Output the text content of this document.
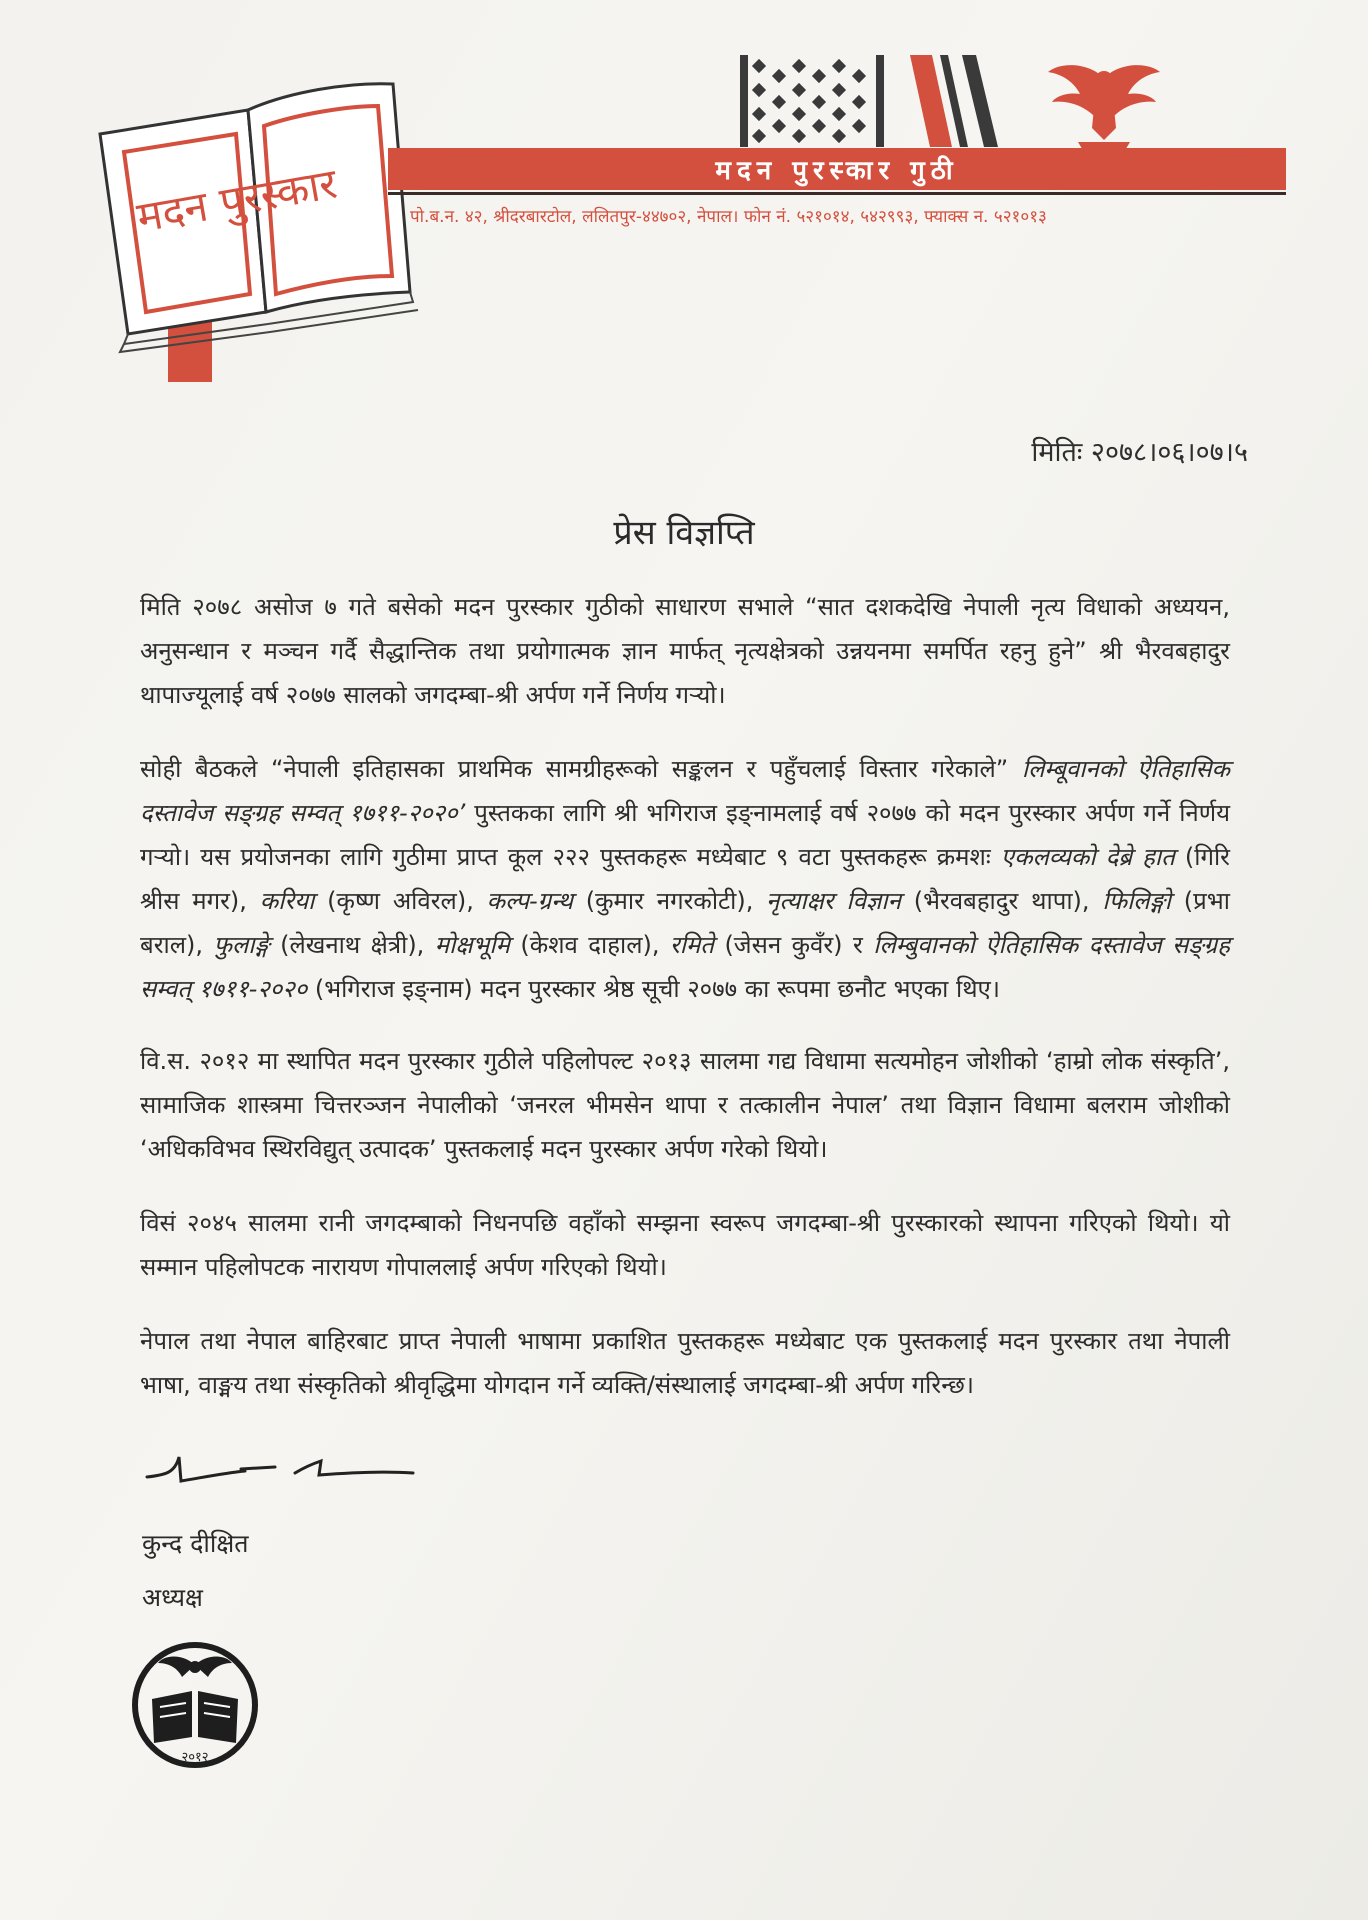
मदन पुरस्कार	मदन पुरस्कार गुठी
पो.ब.न. ४२, श्रीदरबारटोल, ललितपुर-४४७०२, नेपाल। फोन नं. ५२१०१४, ५४२९९३, फ्याक्स न. ५२१०१३
मितिः २०७८।०६।०७।५
प्रेस विज्ञप्ति

मिति २०७८ असोज ७ गते बसेको मदन पुरस्कार गुठीको साधारण सभाले “सात दशकदेखि नेपाली नृत्य विधाको अध्ययन, अनुसन्धान र मञ्चन गर्दै सैद्धान्तिक तथा प्रयोगात्मक ज्ञान मार्फत् नृत्यक्षेत्रको उन्नयनमा समर्पित रहनु हुने” श्री भैरवबहादुर थापाज्यूलाई वर्ष २०७७ सालको जगदम्बा-श्री अर्पण गर्ने निर्णय गर्‍यो।

सोही बैठकले “नेपाली इतिहासका प्राथमिक सामग्रीहरूको सङ्कलन र पहुँचलाई विस्तार गरेकाले” लिम्बूवानको ऐतिहासिक दस्तावेज सङ्ग्रह सम्वत् १७११-२०२०’ पुस्तकका लागि श्री भगिराज इङ्नामलाई वर्ष २०७७ को मदन पुरस्कार अर्पण गर्ने निर्णय गर्‍यो। यस प्रयोजनका लागि गुठीमा प्राप्त कूल २२२ पुस्तकहरू मध्येबाट ९ वटा पुस्तकहरू क्रमशः एकलव्यको देब्रे हात (गिरि श्रीस मगर), करिया (कृष्ण अविरल), कल्प-ग्रन्थ (कुमार नगरकोटी), नृत्याक्षर विज्ञान (भैरवबहादुर थापा), फिलिङ्गो (प्रभा बराल), फुलाङ्गे (लेखनाथ क्षेत्री), मोक्षभूमि (केशव दाहाल), रमिते (जेसन कुवँर) र लिम्बुवानको ऐतिहासिक दस्तावेज सङ्ग्रह सम्वत् १७११-२०२० (भगिराज इङ्नाम) मदन पुरस्कार श्रेष्ठ सूची २०७७ का रूपमा छनौट भएका थिए।

वि.स. २०१२ मा स्थापित मदन पुरस्कार गुठीले पहिलोपल्ट २०१३ सालमा गद्य विधामा सत्यमोहन जोशीको ‘हाम्रो लोक संस्कृति’, सामाजिक शास्त्रमा चित्तरञ्जन नेपालीको ‘जनरल भीमसेन थापा र तत्कालीन नेपाल’ तथा विज्ञान विधामा बलराम जोशीको ‘अधिकविभव स्थिरविद्युत् उत्पादक’ पुस्तकलाई मदन पुरस्कार अर्पण गरेको थियो।

विसं २०४५ सालमा रानी जगदम्बाको निधनपछि वहाँको सम्झना स्वरूप जगदम्बा-श्री पुरस्कारको स्थापना गरिएको थियो। यो सम्मान पहिलोपटक नारायण गोपाललाई अर्पण गरिएको थियो।

नेपाल तथा नेपाल बाहिरबाट प्राप्त नेपाली भाषामा प्रकाशित पुस्तकहरू मध्येबाट एक पुस्तकलाई मदन पुरस्कार तथा नेपाली भाषा, वाङ्मय तथा संस्कृतिको श्रीवृद्धिमा योगदान गर्ने व्यक्ति/संस्थालाई जगदम्बा-श्री अर्पण गरिन्छ।

कुन्द दीक्षित
अध्यक्ष
२०१२
